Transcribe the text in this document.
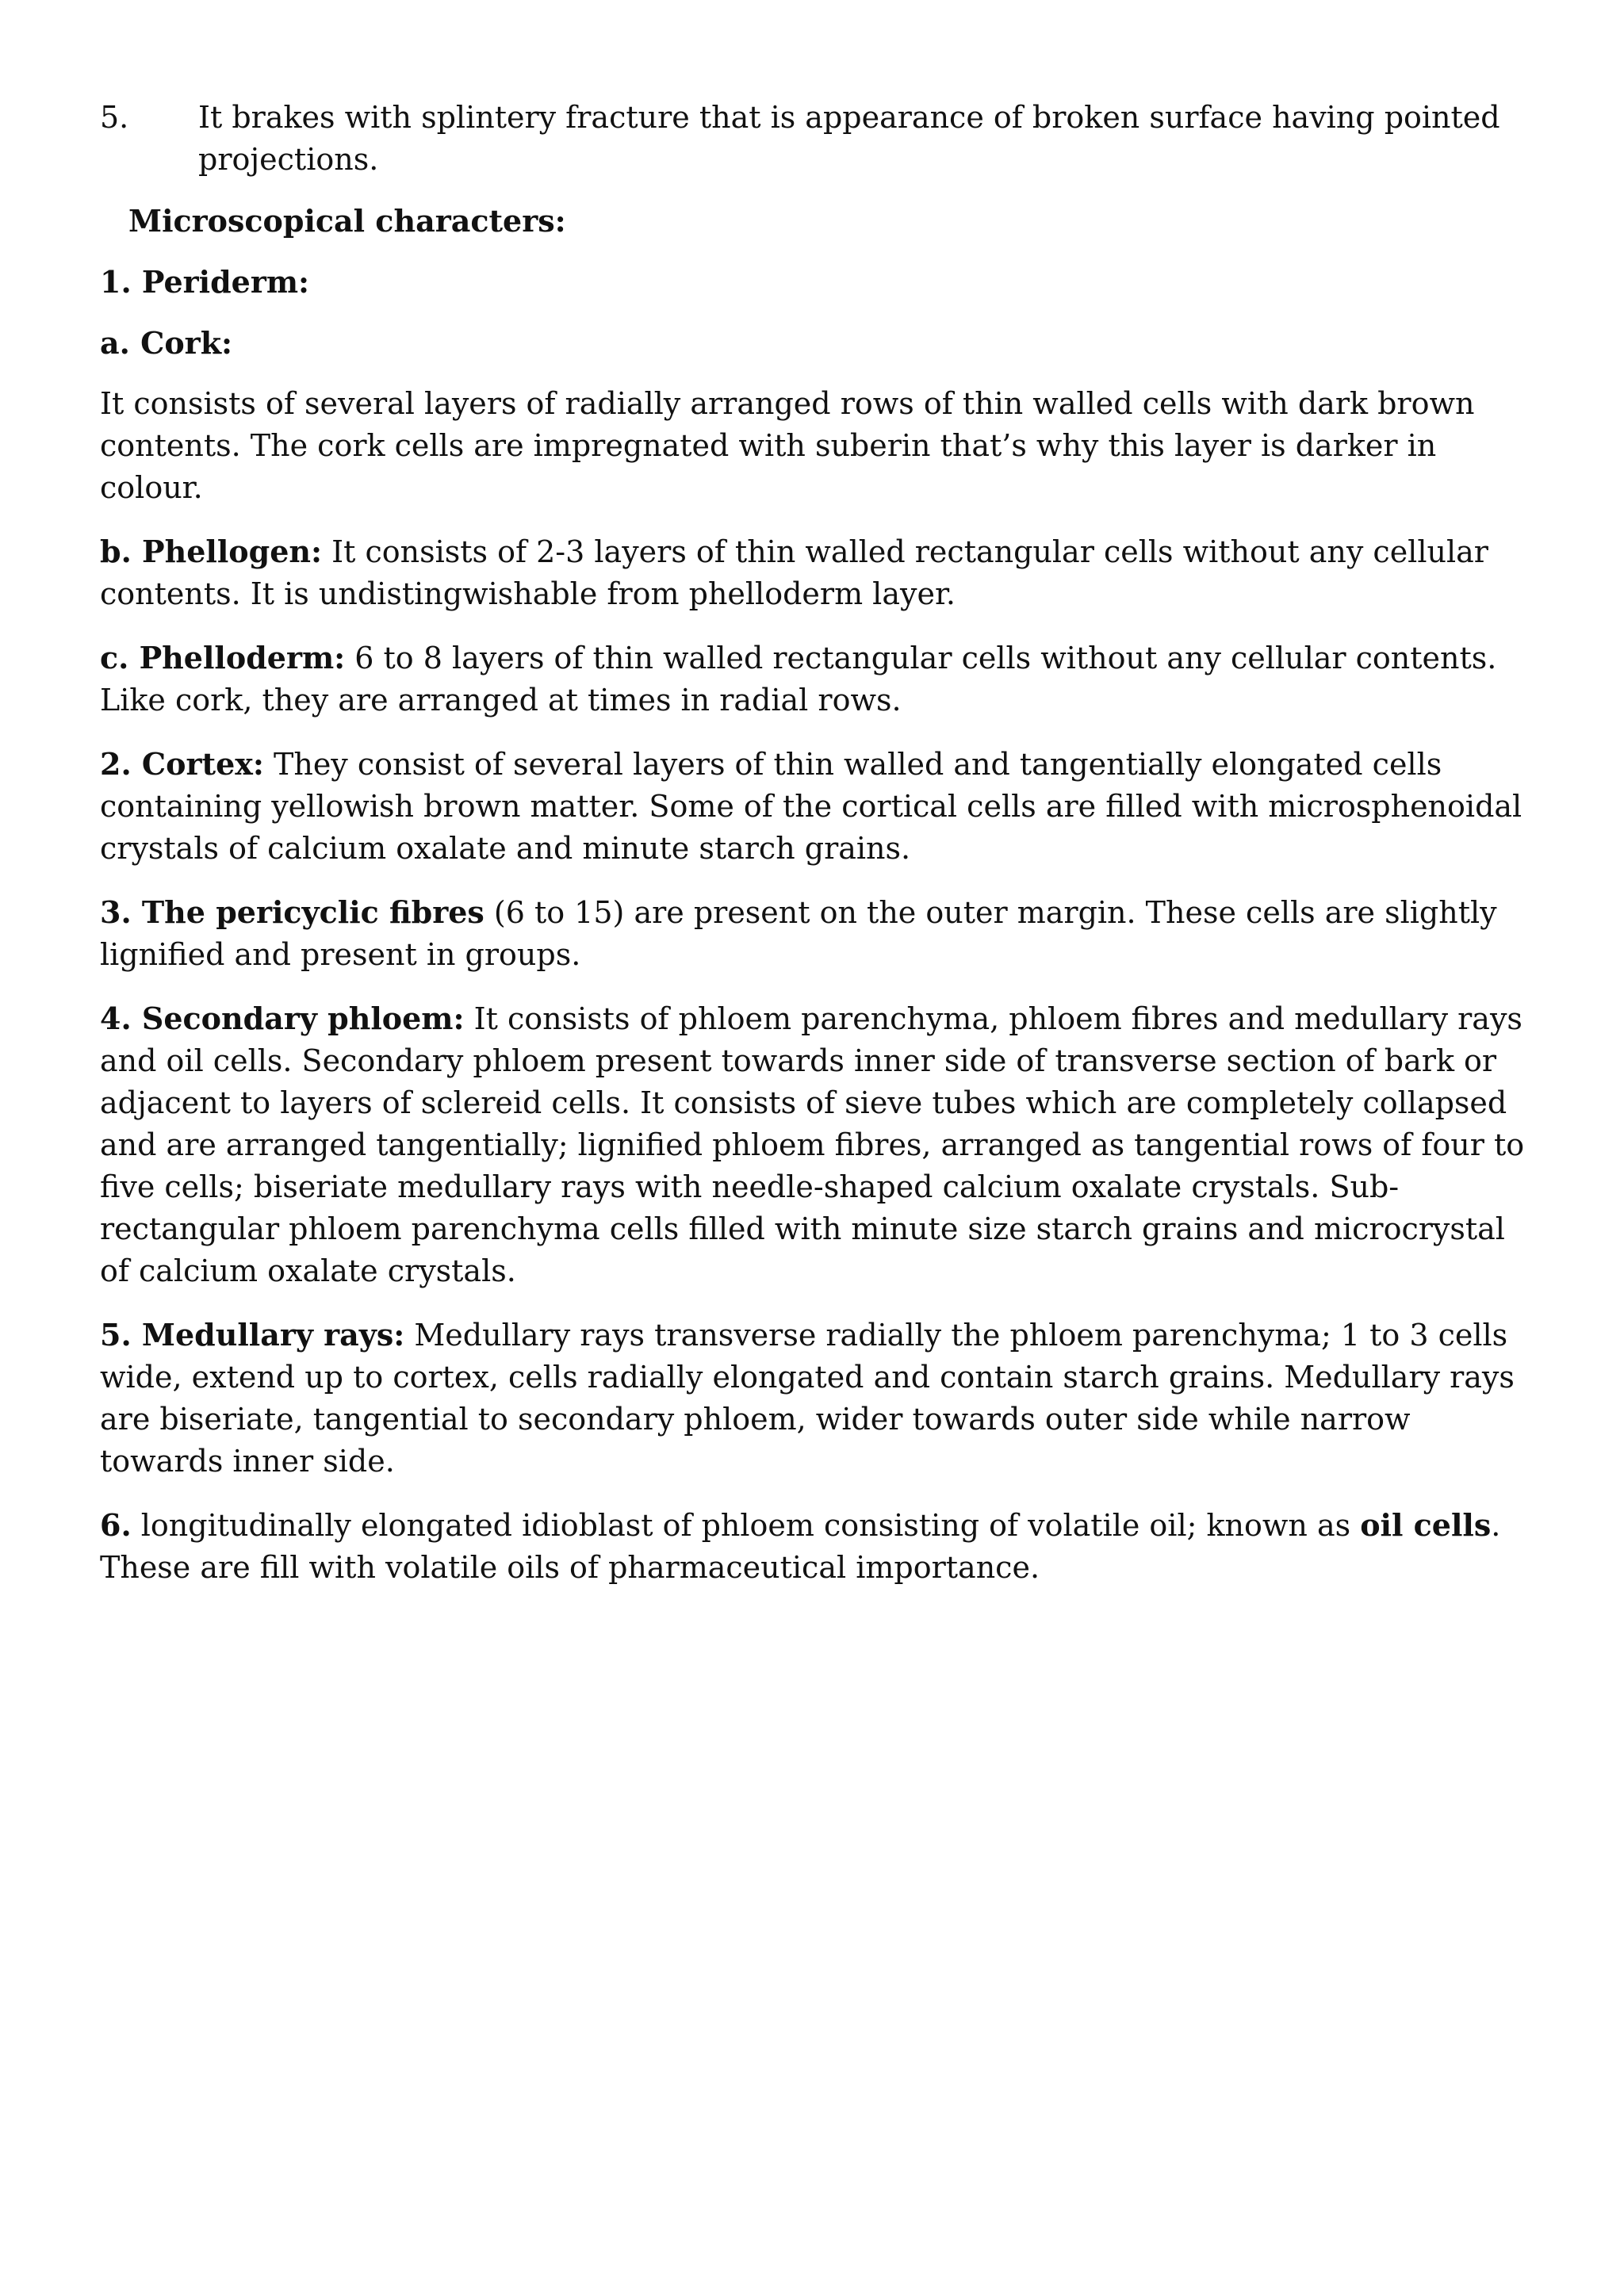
5. It brakes with splintery fracture that is appearance of broken surface having pointed projections.
Microscopical characters:
1. Periderm:
a. Cork:

It consists of several layers of radially arranged rows of thin walled cells with dark brown contents. The cork cells are impregnated with suberin that’s why this layer is darker in colour.

b. Phellogen: It consists of 2-3 layers of thin walled rectangular cells without any cellular contents. It is undistingwishable from phelloderm layer.

c. Phelloderm: 6 to 8 layers of thin walled rectangular cells without any cellular contents. Like cork, they are arranged at times in radial rows.

2. Cortex: They consist of several layers of thin walled and tangentially elongated cells containing yellowish brown matter. Some of the cortical cells are filled with microsphenoidal crystals of calcium oxalate and minute starch grains.

3. The pericyclic fibres (6 to 15) are present on the outer margin. These cells are slightly lignified and present in groups.

4. Secondary phloem: It consists of phloem parenchyma, phloem fibres and medullary rays and oil cells. Secondary phloem present towards inner side of transverse section of bark or adjacent to layers of sclereid cells. It consists of sieve tubes which are completely collapsed and are arranged tangentially; lignified phloem fibres, arranged as tangential rows of four to five cells; biseriate medullary rays with needle-shaped calcium oxalate crystals. Sub-rectangular phloem parenchyma cells filled with minute size starch grains and microcrystal of calcium oxalate crystals.

5. Medullary rays: Medullary rays transverse radially the phloem parenchyma; 1 to 3 cells wide, extend up to cortex, cells radially elongated and contain starch grains. Medullary rays are biseriate, tangential to secondary phloem, wider towards outer side while narrow towards inner side.

6. longitudinally elongated idioblast of phloem consisting of volatile oil; known as oil cells. These are fill with volatile oils of pharmaceutical importance.
